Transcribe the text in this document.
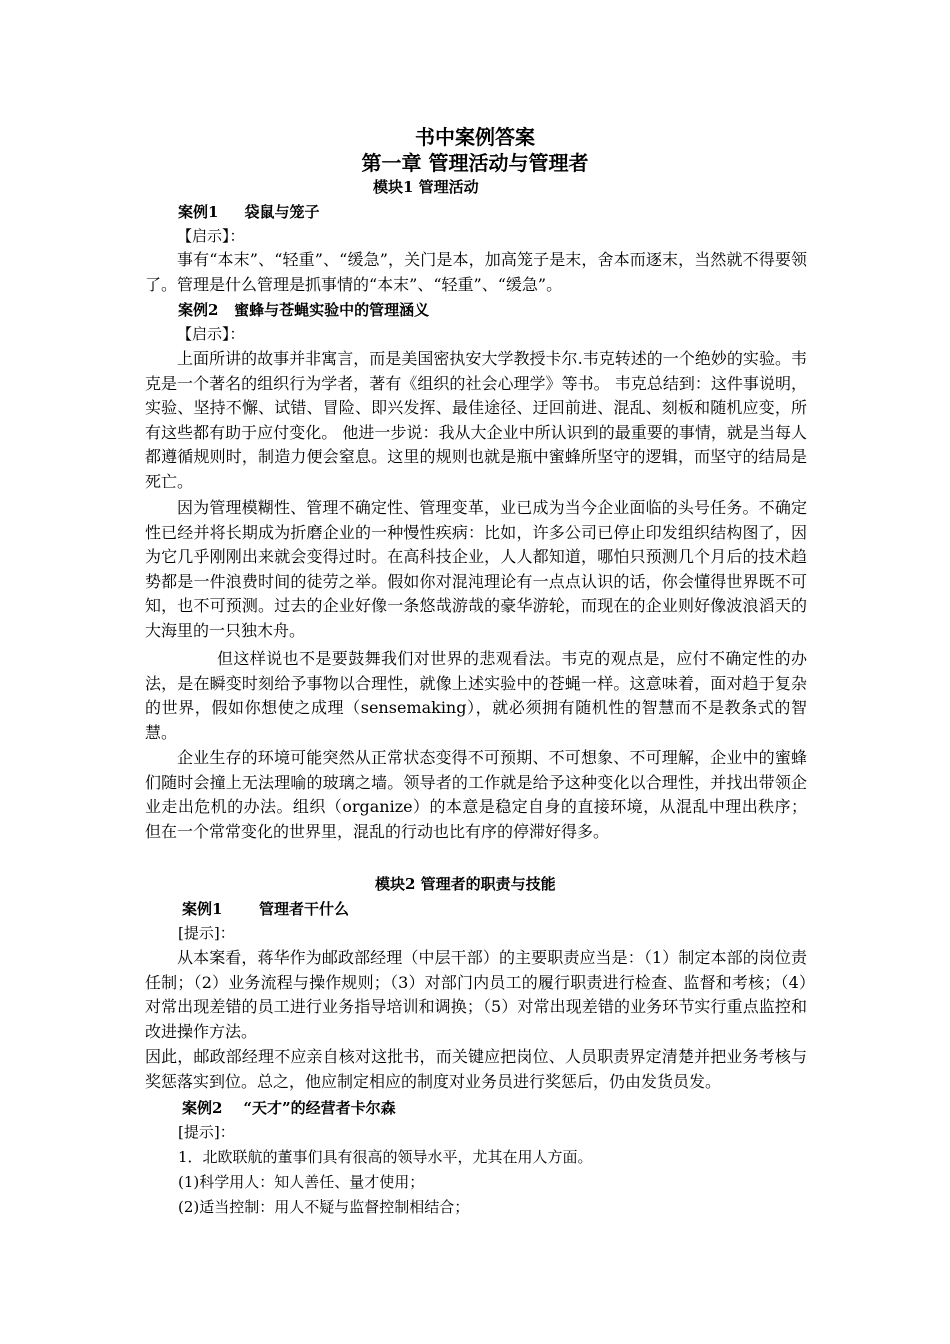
书中案例答案
第一章 管理活动与管理者
模块1 管理活动
案例1     袋鼠与笼子
【启示】：
事有“本末”、“轻重”、“缓急”，关门是本，加高笼子是末，舍本而逐末，当然就不得要领了。管理是什么管理是抓事情的“本末”、“轻重”、“缓急”。
案例2   蜜蜂与苍蝇实验中的管理涵义
【启示】：
上面所讲的故事并非寓言，而是美国密执安大学教授卡尔.韦克转述的一个绝妙的实验。韦克是一个著名的组织行为学者，著有《组织的社会心理学》等书。 韦克总结到：这件事说明，实验、坚持不懈、试错、冒险、即兴发挥、最佳途径、迂回前进、混乱、刻板和随机应变，所有这些都有助于应付变化。 他进一步说：我从大企业中所认识到的最重要的事情，就是当每人都遵循规则时，制造力便会窒息。这里的规则也就是瓶中蜜蜂所坚守的逻辑，而坚守的结局是死亡。
因为管理模糊性、管理不确定性、管理变革，业已成为当今企业面临的头号任务。不确定性已经并将长期成为折磨企业的一种慢性疾病：比如，许多公司已停止印发组织结构图了，因为它几乎刚刚出来就会变得过时。在高科技企业，人人都知道，哪怕只预测几个月后的技术趋势都是一件浪费时间的徒劳之举。假如你对混沌理论有一点点认识的话，你会懂得世界既不可知，也不可预测。过去的企业好像一条悠哉游哉的豪华游轮，而现在的企业则好像波浪滔天的大海里的一只独木舟。
但这样说也不是要鼓舞我们对世界的悲观看法。韦克的观点是，应付不确定性的办法，是在瞬变时刻给予事物以合理性，就像上述实验中的苍蝇一样。这意味着，面对趋于复杂的世界，假如你想使之成理（sensemaking），就必须拥有随机性的智慧而不是教条式的智慧。
企业生存的环境可能突然从正常状态变得不可预期、不可想象、不可理解，企业中的蜜蜂们随时会撞上无法理喻的玻璃之墙。领导者的工作就是给予这种变化以合理性，并找出带领企业走出危机的办法。组织（organize）的本意是稳定自身的直接环境，从混乱中理出秩序；但在一个常常变化的世界里，混乱的行动也比有序的停滞好得多。
模块2 管理者的职责与技能
案例1       管理者干什么
[提示]：
从本案看，蒋华作为邮政部经理（中层干部）的主要职责应当是：（1）制定本部的岗位责任制；（2）业务流程与操作规则；（3）对部门内员工的履行职责进行检查、监督和考核；（4）对常出现差错的员工进行业务指导培训和调换；（5）对常出现差错的业务环节实行重点监控和改进操作方法。
因此，邮政部经理不应亲自核对这批书，而关键应把岗位、人员职责界定清楚并把业务考核与奖惩落实到位。总之，他应制定相应的制度对业务员进行奖惩后，仍由发货员发。
案例2    “天才”的经营者卡尔森
[提示]：
1．北欧联航的董事们具有很高的领导水平，尤其在用人方面。
(1)科学用人：知人善任、量才使用；
(2)适当控制：用人不疑与监督控制相结合；
